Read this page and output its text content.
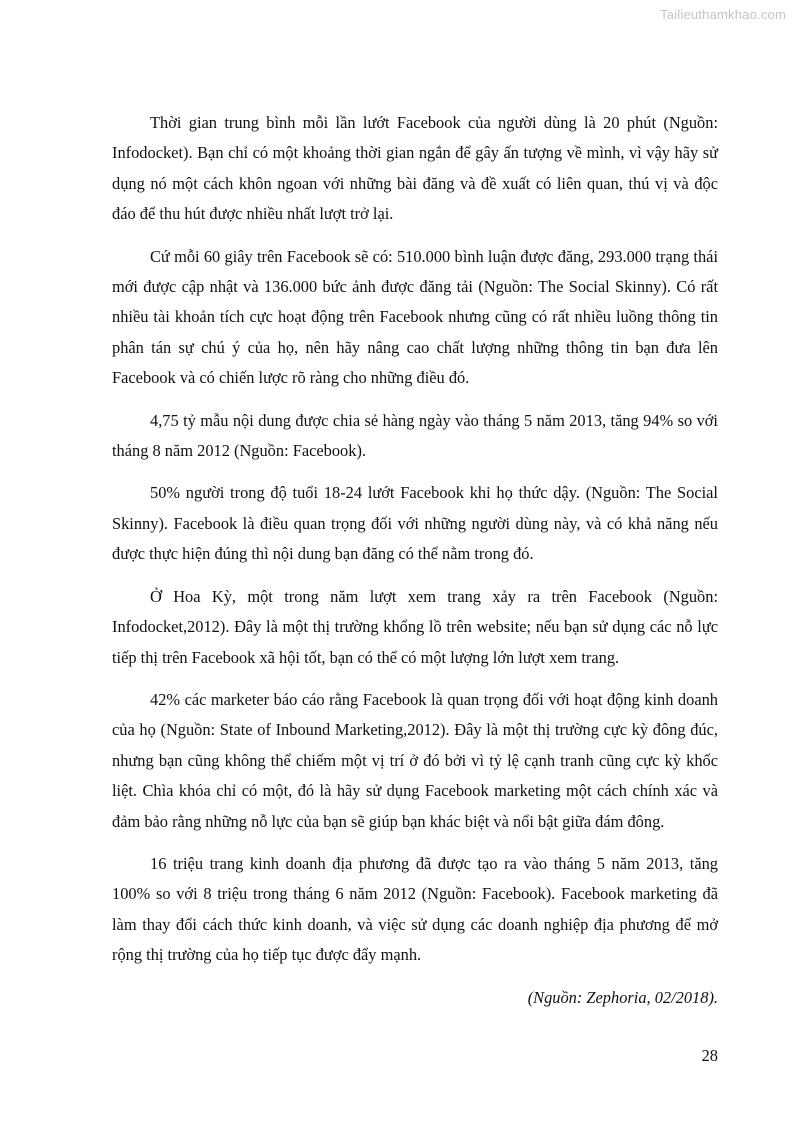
Tailieuthamkhao.com

Thời gian trung bình mỗi lần lướt Facebook của người dùng là 20 phút (Nguồn: Infodocket). Bạn chỉ có một khoảng thời gian ngắn để gây ấn tượng về mình, vì vậy hãy sử dụng nó một cách khôn ngoan với những bài đăng và đề xuất có liên quan, thú vị và độc đáo để thu hút được nhiều nhất lượt trở lại.

Cứ mỗi 60 giây trên Facebook sẽ có: 510.000 bình luận được đăng, 293.000 trạng thái mới được cập nhật và 136.000 bức ảnh được đăng tải (Nguồn: The Social Skinny). Có rất nhiều tài khoản tích cực hoạt động trên Facebook nhưng cũng có rất nhiều luồng thông tin phân tán sự chú ý của họ, nên hãy nâng cao chất lượng những thông tin bạn đưa lên Facebook và có chiến lược rõ ràng cho những điều đó.

4,75 tỷ mẫu nội dung được chia sẻ hàng ngày vào tháng 5 năm 2013, tăng 94% so với tháng 8 năm 2012 (Nguồn: Facebook).

50% người trong độ tuổi 18-24 lướt Facebook khi họ thức dậy. (Nguồn: The Social Skinny). Facebook là điều quan trọng đối với những người dùng này, và có khả năng nếu được thực hiện đúng thì nội dung bạn đăng có thể nằm trong đó.

Ở Hoa Kỳ, một trong năm lượt xem trang xảy ra trên Facebook (Nguồn: Infodocket,2012). Đây là một thị trường khổng lồ trên website; nếu bạn sử dụng các nỗ lực tiếp thị trên Facebook xã hội tốt, bạn có thể có một lượng lớn lượt xem trang.

42% các marketer báo cáo rằng Facebook là quan trọng đối với hoạt động kinh doanh của họ (Nguồn: State of Inbound Marketing,2012). Đây là một thị trường cực kỳ đông đúc, nhưng bạn cũng không thể chiếm một vị trí ở đó bởi vì tỷ lệ cạnh tranh cũng cực kỳ khốc liệt. Chìa khóa chỉ có một, đó là hãy sử dụng Facebook marketing một cách chính xác và đảm bảo rằng những nỗ lực của bạn sẽ giúp bạn khác biệt và nổi bật giữa đám đông.

16 triệu trang kinh doanh địa phương đã được tạo ra vào tháng 5 năm 2013, tăng 100% so với 8 triệu trong tháng 6 năm 2012 (Nguồn: Facebook). Facebook marketing đã làm thay đổi cách thức kinh doanh, và việc sử dụng các doanh nghiệp địa phương để mở rộng thị trường của họ tiếp tục được đẩy mạnh.

(Nguồn: Zephoria, 02/2018).

28
